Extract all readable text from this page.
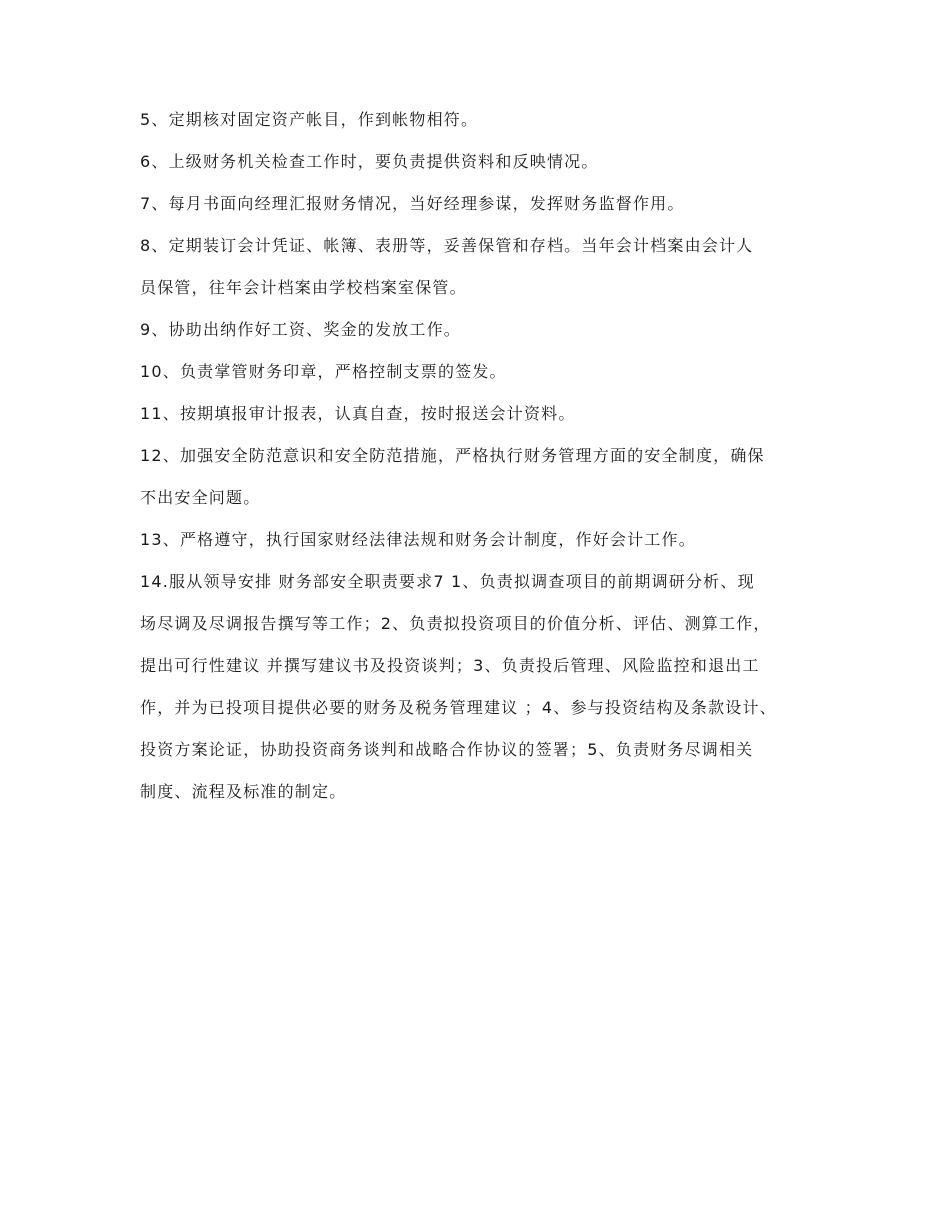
5、定期核对固定资产帐目，作到帐物相符。
6、上级财务机关检查工作时，要负责提供资料和反映情况。
7、每月书面向经理汇报财务情况，当好经理参谋，发挥财务监督作用。
8、定期装订会计凭证、帐簿、表册等，妥善保管和存档。当年会计档案由会计人
员保管，往年会计档案由学校档案室保管。
9、协助出纳作好工资、奖金的发放工作。
10、负责掌管财务印章，严格控制支票的签发。
11、按期填报审计报表，认真自查，按时报送会计资料。
12、加强安全防范意识和安全防范措施，严格执行财务管理方面的安全制度，确保
不出安全问题。
13、严格遵守，执行国家财经法律法规和财务会计制度，作好会计工作。
14.服从领导安排 财务部安全职责要求7 1、负责拟调查项目的前期调研分析、现
场尽调及尽调报告撰写等工作；2、负责拟投资项目的价值分析、评估、测算工作，
提出可行性建议 并撰写建议书及投资谈判；3、负责投后管理、风险监控和退出工
作，并为已投项目提供必要的财务及税务管理建议 ；4、参与投资结构及条款设计、
投资方案论证，协助投资商务谈判和战略合作协议的签署；5、负责财务尽调相关
制度、流程及标准的制定。
